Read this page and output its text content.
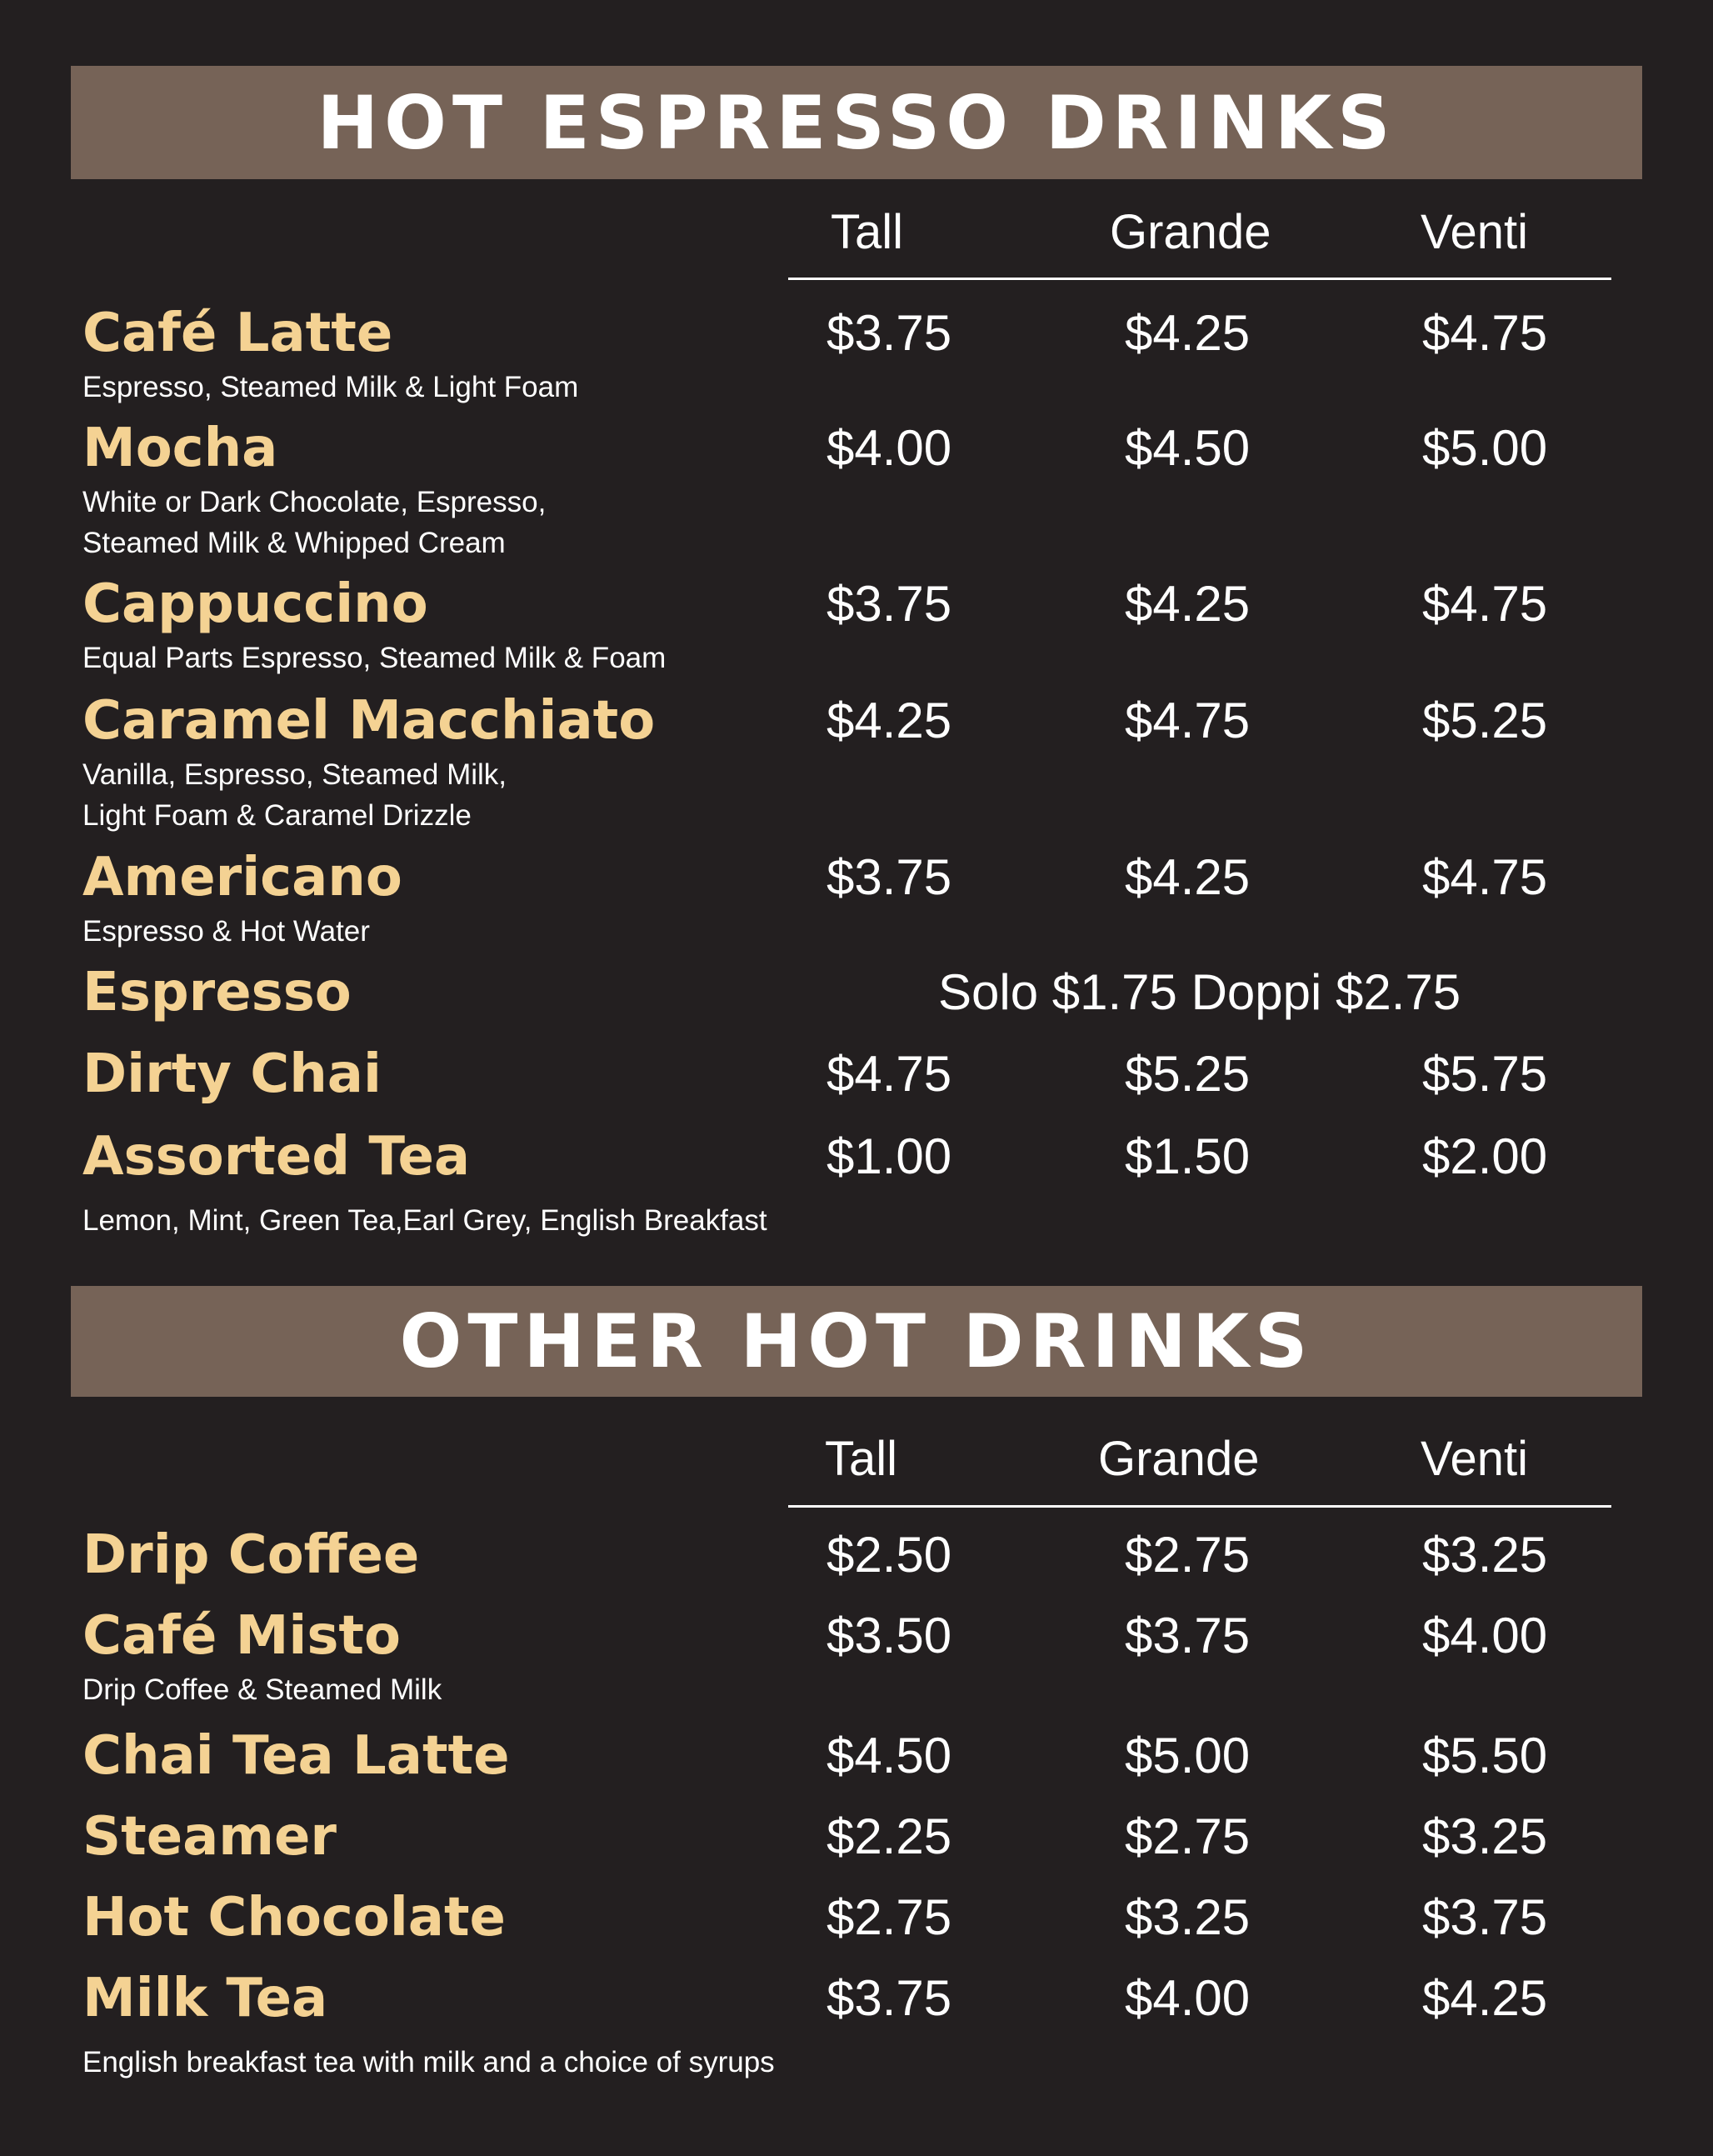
HOT ESPRESSO DRINKS
Tall	Grande	Venti
Café Latte
Espresso, Steamed Milk & Light Foam
$3.75	$4.25	$4.75
Mocha
White or Dark Chocolate, Espresso,
Steamed Milk & Whipped Cream
$4.00	$4.50	$5.00
Cappuccino
Equal Parts Espresso, Steamed Milk & Foam
$3.75	$4.25	$4.75
Caramel Macchiato
Vanilla, Espresso, Steamed Milk,
Light Foam & Caramel Drizzle
$4.25	$4.75	$5.25
Americano
Espresso & Hot Water
$3.75	$4.25	$4.75
Espresso	Solo $1.75 Doppi $2.75
Dirty Chai	$4.75	$5.25	$5.75
Assorted Tea	$1.00	$1.50	$2.00
Lemon, Mint, Green Tea,Earl Grey, English Breakfast
OTHER HOT DRINKS
Tall	Grande	Venti
Drip Coffee	$2.50	$2.75	$3.25
Café Misto
Drip Coffee & Steamed Milk
$3.50	$3.75	$4.00
Chai Tea Latte	$4.50	$5.00	$5.50
Steamer	$2.25	$2.75	$3.25
Hot Chocolate	$2.75	$3.25	$3.75
Milk Tea	$3.75	$4.00	$4.25
English breakfast tea with milk and a choice of syrups
